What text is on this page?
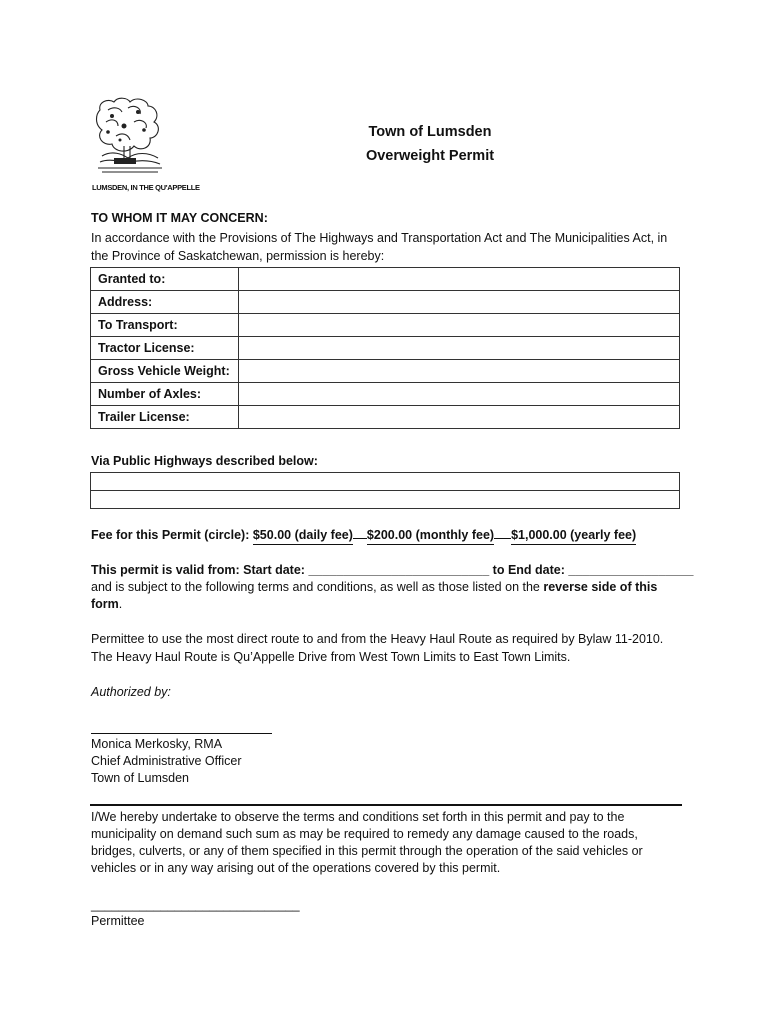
LUMSDEN, IN THE QU'APPELLE
Town of Lumsden
Overweight Permit
TO WHOM IT MAY CONCERN:
In accordance with the Provisions of The Highways and Transportation Act and The Municipalities Act, in
the Province of Saskatchewan, permission is hereby:
Granted to:	
Address:	
To Transport:	
Tractor License:	
Gross Vehicle Weight:	
Number of Axles:	
Trailer License:	
Via Public Highways described below:

Fee for this Permit (circle): $50.00 (daily fee) $200.00 (monthly fee) $1,000.00 (yearly fee)
This permit is valid from: Start date: __________________________ to End date: __________________
and is subject to the following terms and conditions, as well as those listed on the reverse side of this
form.
Permittee to use the most direct route to and from the Heavy Haul Route as required by Bylaw 11-2010.
The Heavy Haul Route is Qu’Appelle Drive from West Town Limits to East Town Limits.
Authorized by:
Monica Merkosky, RMA
Chief Administrative Officer
Town of Lumsden
I/We hereby undertake to observe the terms and conditions set forth in this permit and pay to the
municipality on demand such sum as may be required to remedy any damage caused to the roads,
bridges, culverts, or any of them specified in this permit through the operation of the said vehicles or
vehicles or in any way arising out of the operations covered by this permit.
______________________________
Permittee
